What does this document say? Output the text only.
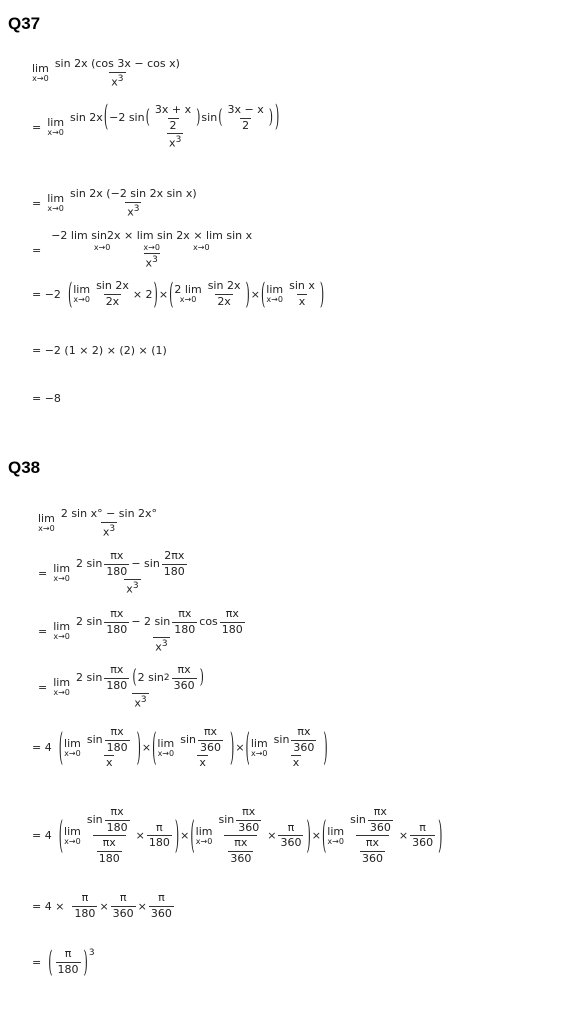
Q37
lim
x→0
sin 2x (cos 3x − cos x)
$x^3$
= lim
x→0
sin 2x ( −2 sin ( 3x + x
2 ) sin ( 3x − x
2 ) )
$x^3$
= lim
x→0
sin 2x (−2 sin 2x sin x)
$x^3$
=
−2 lim sin2x × lim sin 2x × lim sin x
x→0	x→0	x→0
$x^3$
= −2 ( lim
$x\to 0 \frac{\sin 2x}{2x} \times 2$ ) × ( 2 lim
x→0
sin 2x
2x ) × ( lim
x→0
sin x
x )
= −2 (1 × 2) × (2) × (1)
= −8
Q38
lim
x→0
2 sin x° − sin 2x°
$x^3$
= lim
x→0
2 sin
πx
180
− sin
2πx
180
$x^3$
= lim
x→0
2 sin
πx
180
− 2 sin
πx
180
cos
πx
180
$x^3$
= lim
x→0
2 sin
πx
180 ( 2 sin 2
πx
360 )
$x^3$
= 4 ( lim
x→0
sin
πx
180
x ) × ( lim
x→0
sin
πx
360
x ) × ( lim
x→0
sin
πx
360
x )
= 4 ( lim
x→0 sin
πx
180
$\frac{\pi x}{180} \times \frac{\pi}{180}$ ) × ( lim
x→0 sin
πx
360
$\frac{\pi x}{360} \times \frac{\pi}{360}$ ) × ( lim
x→0 sin
πx
360
$\frac{\pi x}{360} \times \frac{\pi}{360}$ )
= $4 \times \frac{\pi}{180} \times \frac{\pi}{360} \times \frac{\pi}{360}$
= ( π
180 )$^3$
